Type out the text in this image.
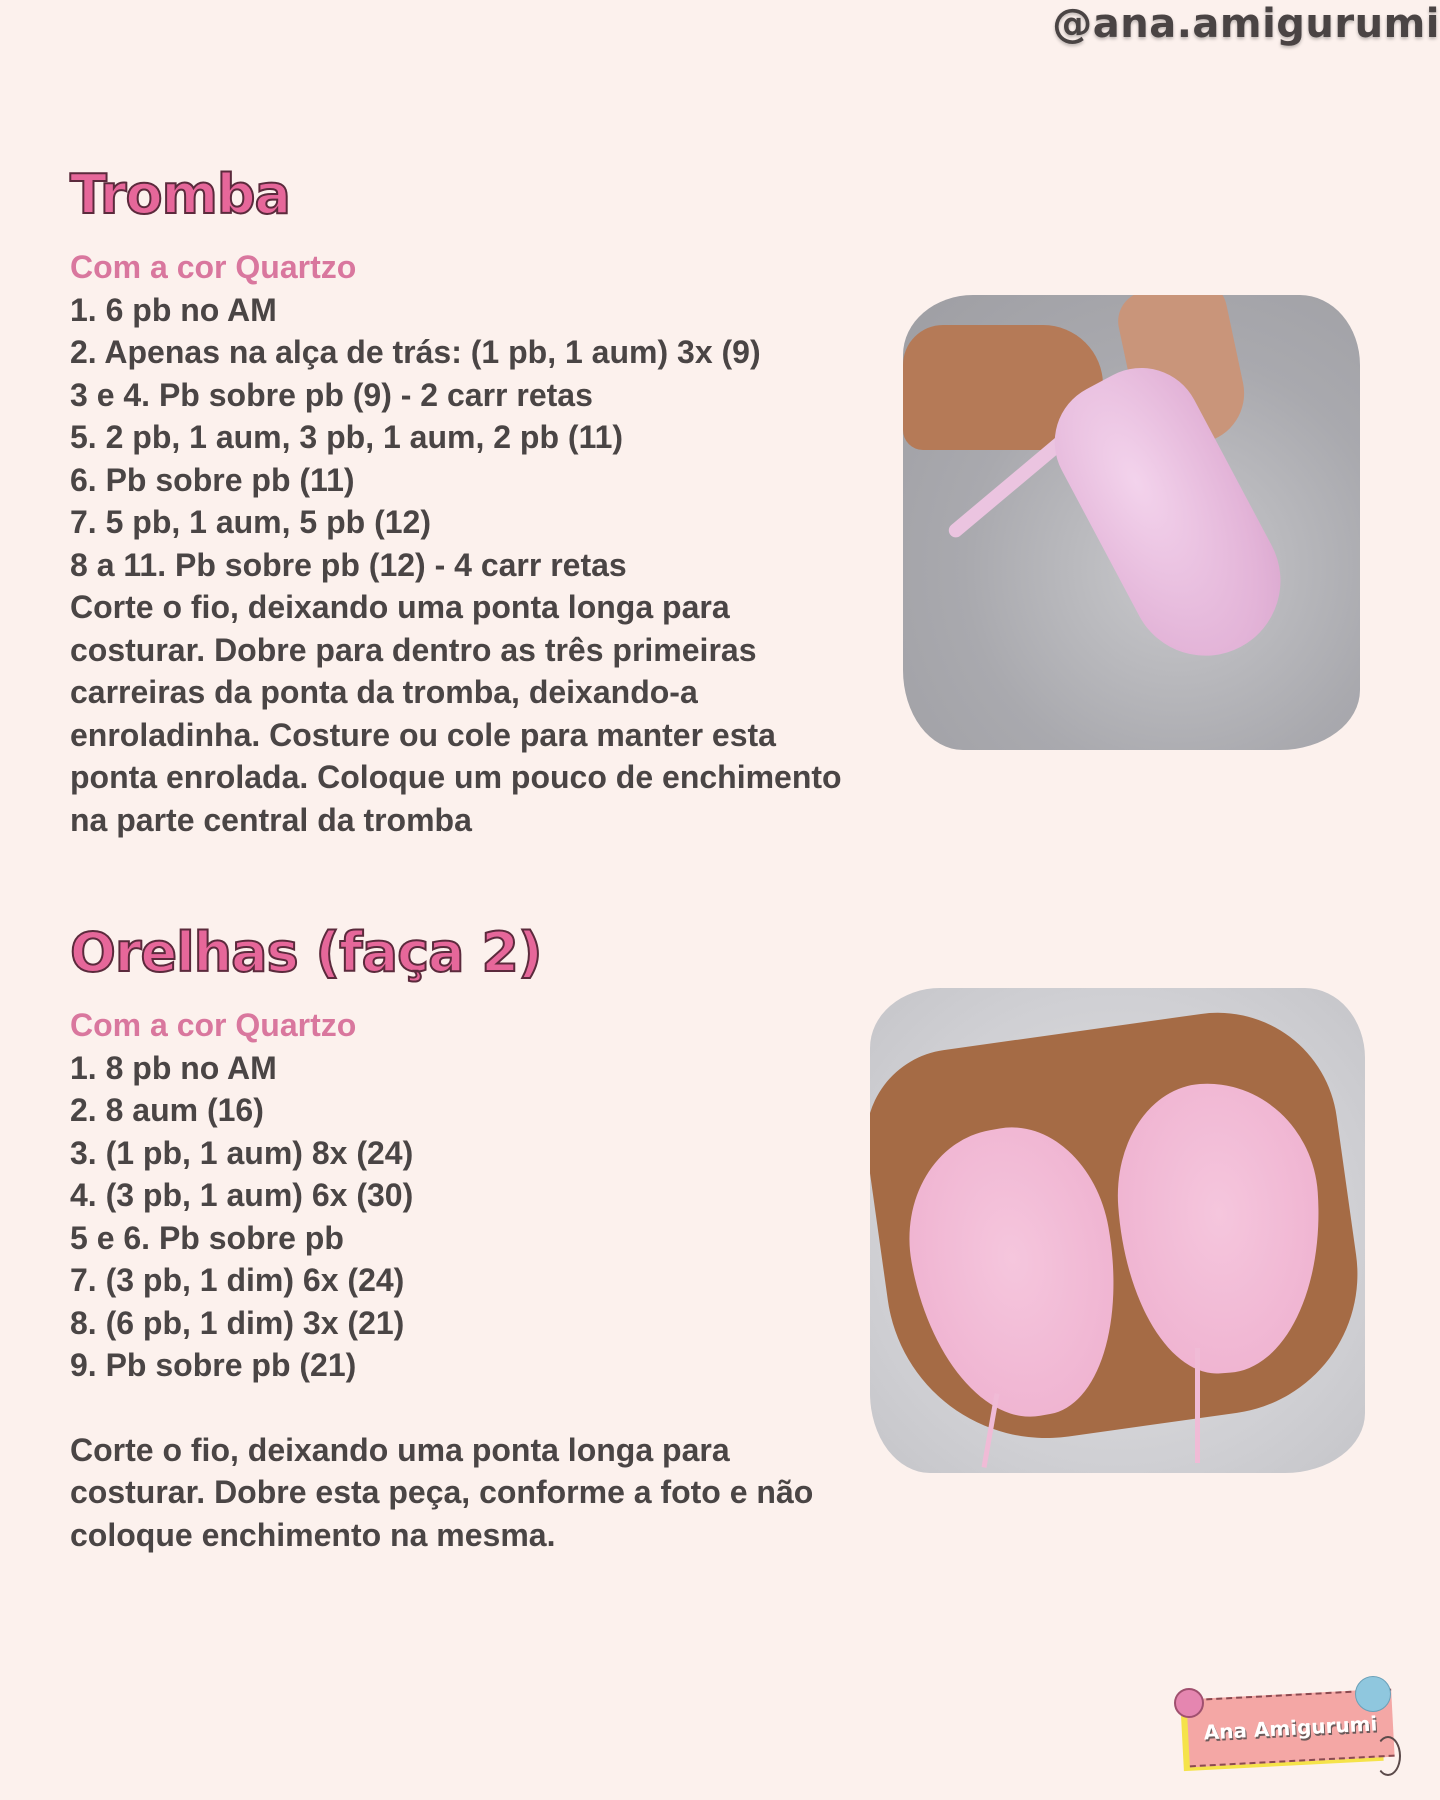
@ana.amigurumi
Tromba
Com a cor Quartzo
1. 6 pb no AM
2. Apenas na alça de trás: (1 pb, 1 aum) 3x (9)
3 e 4. Pb sobre pb (9) - 2 carr retas
5. 2 pb, 1 aum, 3 pb, 1 aum, 2 pb (11)
6. Pb sobre pb (11)
7. 5 pb, 1 aum, 5 pb (12)
8 a 11. Pb sobre pb (12) - 4 carr retas

Corte o fio, deixando uma ponta longa para

costurar. Dobre para dentro as três primeiras

carreiras da ponta da tromba, deixando-a

enroladinha. Costure ou cole para manter esta

ponta enrolada. Coloque um pouco de enchimento

na parte central da tromba

Orelhas (faça 2)
Com a cor Quartzo
1. 8 pb no AM
2. 8 aum (16)
3. (1 pb, 1 aum) 8x (24)
4. (3 pb, 1 aum) 6x (30)
5 e 6. Pb sobre pb
7. (3 pb, 1 dim) 6x (24)
8. (6 pb, 1 dim) 3x (21)
9. Pb sobre pb (21)

Corte o fio, deixando uma ponta longa para

costurar. Dobre esta peça, conforme a foto e não

coloque enchimento na mesma.

Ana Amigurumi
